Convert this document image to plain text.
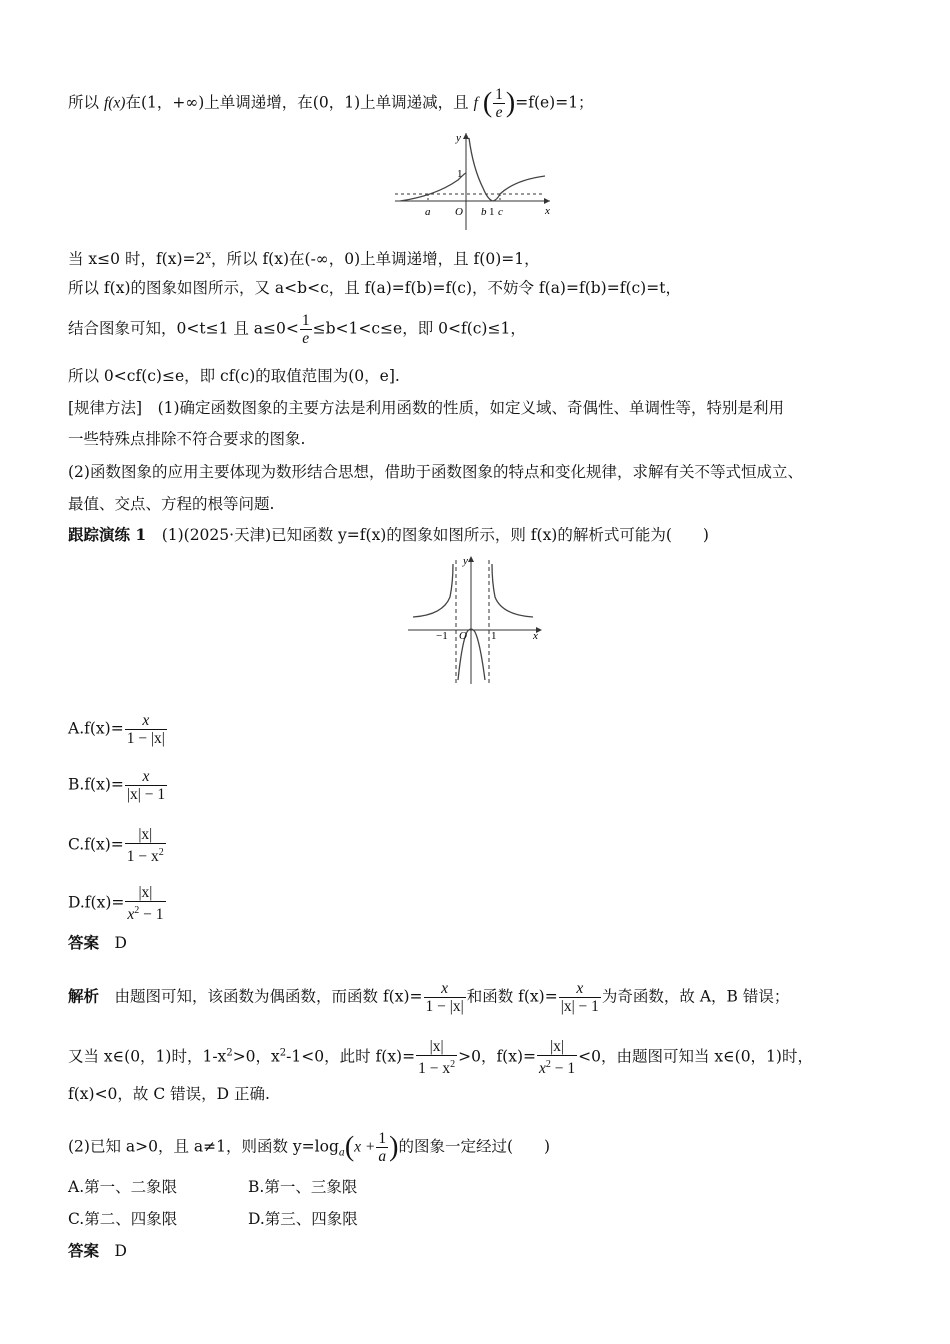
所以 f(x)在(1，+∞)上单调递增，在(0，1)上单调递减，且 f ( $\frac{1}{e} )=f(e)=1$；
y
1
O
a	b 1 c	x
当 x≤0 时，$f(x)=2^x$，所以 f(x)在(-∞，0)上单调递增，且 f(0)=1，
所以 f(x)的图象如图所示，又 a<b<c，且 f(a)=f(b)=f(c)，不妨令 f(a)=f(b)=f(c)=t，
结合图象可知，0<t≤1 且 $a\le 0< \frac{1}{e} \le b<1<c\le e$，即 0<f(c)≤1，
所以 0<cf(c)≤e，即 cf(c)的取值范围为(0，e].
[规律方法]　(1)确定函数图象的主要方法是利用函数的性质，如定义域、奇偶性、单调性等，特别是利用
一些特殊点排除不符合要求的图象.
(2)函数图象的应用主要体现为数形结合思想，借助于函数图象的特点和变化规律，求解有关不等式恒成立、
最值、交点、方程的根等问题.
跟踪演练 1　(1)(2025·天津)已知函数 y=f(x)的图象如图所示，则 f(x)的解析式可能为(　　)
y
−1 O 1	x
$A.f(x)= \frac{x}{1 - |x|}$
$B.f(x)= \frac{x}{|x| - 1}$
$C.f(x)= \frac{|x|}{1 - x^2}$
$D.f(x)= \frac{|x|}{x^2 - 1}$
答案　 D
解析　由题图可知，该函数为偶函数，而函数 $f(x)= \frac{x}{1 - |x|}$ 和函数 $f(x)= \frac{x}{|x| - 1}$ 为奇函数，故 A，B 错误；
又当 x∈(0，1)时，$1-x^2>0$，$x^2-1<0$，此时 $f(x)= \frac{|x|}{1 - x^2} >0$，$f(x)= \frac{|x|}{x^2 - 1} <0$，由题图可知当 x∈(0，1)时，
f(x)<0，故 C 错误，D 正确.
(2)已知 a>0，且 a≠1，则函数 $y=\log_a(x + \frac{1}{a}$ )的图象一定经过(　　)
A.第一、二象限	B.第一、三象限
C.第二、四象限	D.第三、四象限
答案　 D
